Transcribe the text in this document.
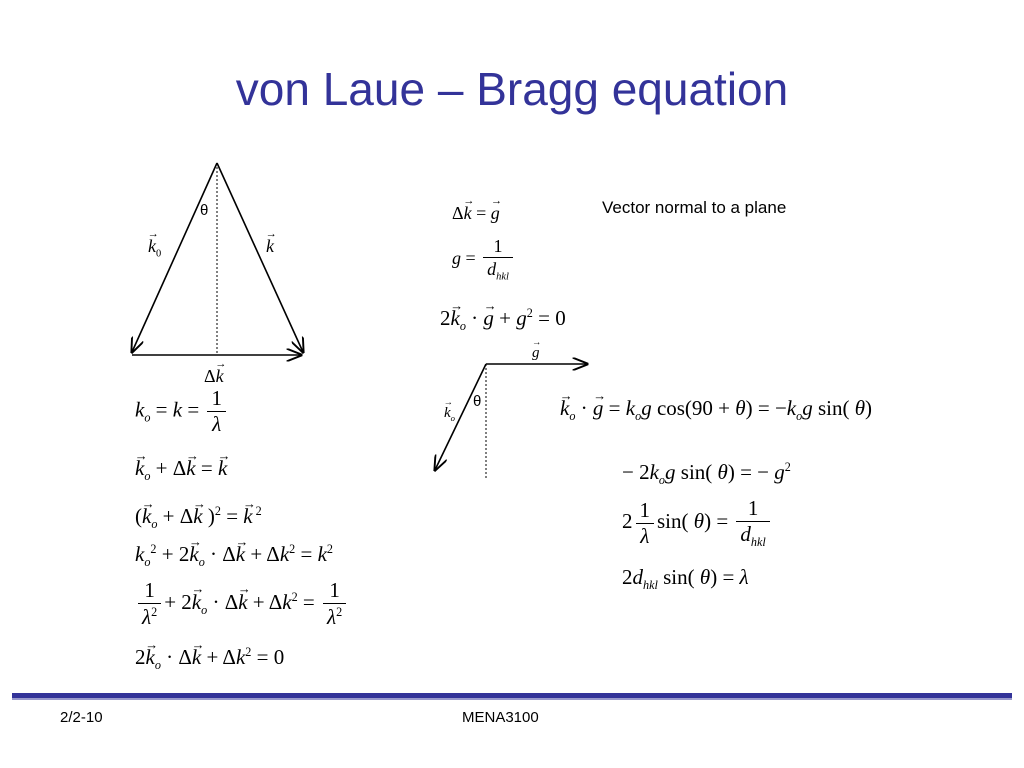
von Laue – Bragg equation
θ
→ $k_0$	→ k
Δ→ k
$k_o = k = \frac{1}{\lambda}$
→ $k_o + \Delta\to k$ = → k
(→ $k_o + \Delta\to k$ )$^2$ = → k $^2$
$k_o^2 + 2\to k_o \cdot \Delta\to k + \Delta k^2 = k^2$
$\frac{1}{\lambda^2} + 2\to k_o \cdot \Delta\to k + \Delta k^2 = \frac{1}{\lambda^2}$
$2\to k_o \cdot \Delta\to k + \Delta k^2 = 0$
Δ→ k = → g
$g = \frac{1}{d_{hkl}}$
$2\to k_o$ · → $g + g^2 = 0$
Vector normal to a plane
→ g
θ
→ $k_o$	→ $k_o$ · → $g = k_og$ $\cos(90 + \theta) = -k_og$ sin( θ)
− $2k_og$ sin( θ) = − $g^2$
$2 \frac{1}{\lambda} \sin$( $\theta) = \frac{1}{d_{hkl}}$
$2d_{hkl}$ sin( θ) = λ
2/2-10	MENA3100
